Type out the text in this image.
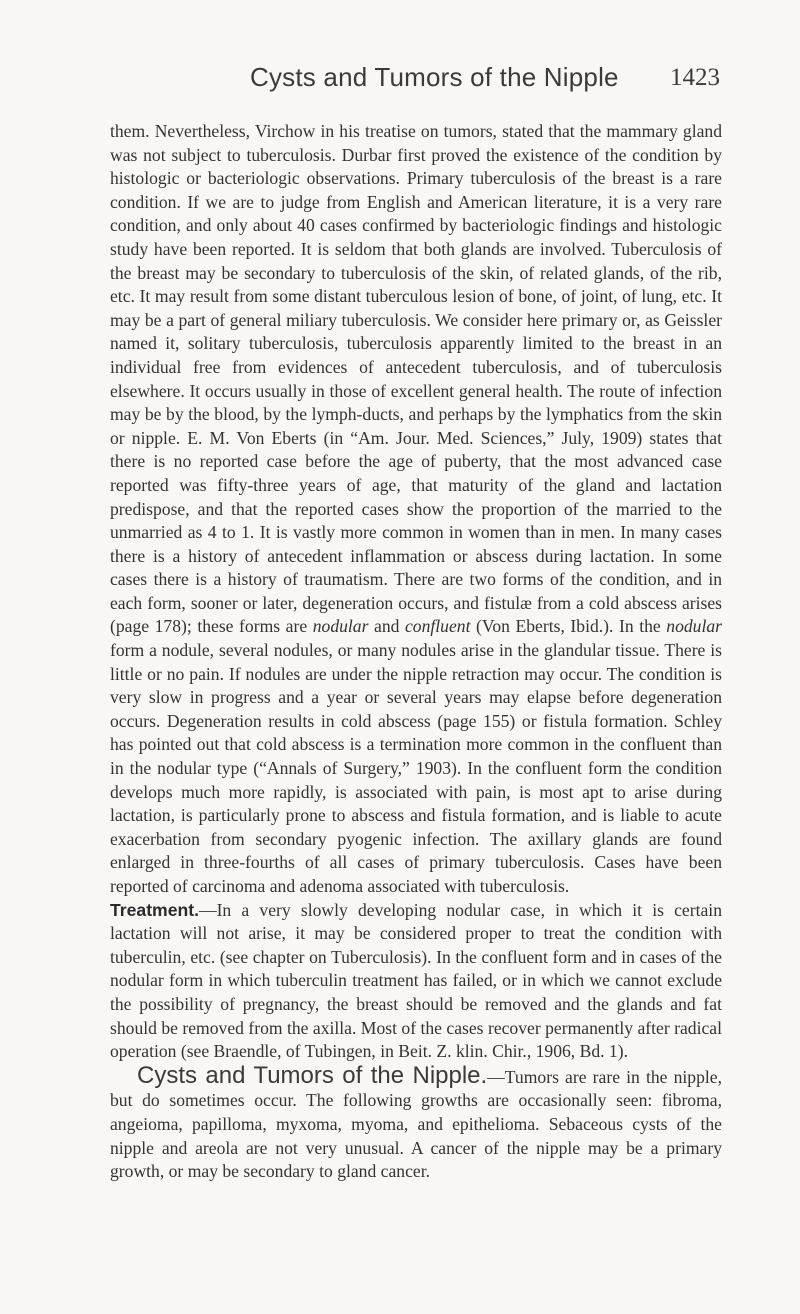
Cysts and Tumors of the Nipple 1423

them. Nevertheless, Virchow in his treatise on tumors, stated that the mammary gland was not subject to tuberculosis. Durbar first proved the existence of the condition by histologic or bacteriologic observations. Primary tuberculosis of the breast is a rare condition. If we are to judge from English and American literature, it is a very rare condition, and only about 40 cases confirmed by bacteriologic findings and histologic study have been reported. It is seldom that both glands are involved. Tuberculosis of the breast may be secondary to tuberculosis of the skin, of related glands, of the rib, etc. It may result from some distant tuberculous lesion of bone, of joint, of lung, etc. It may be a part of general miliary tuberculosis. We consider here primary or, as Geissler named it, solitary tuberculosis, tuberculosis apparently limited to the breast in an individual free from evidences of antecedent tuberculosis, and of tuberculosis elsewhere. It occurs usually in those of excellent general health. The route of infection may be by the blood, by the lymph-ducts, and perhaps by the lymphatics from the skin or nipple. E. M. Von Eberts (in “Am. Jour. Med. Sciences,” July, 1909) states that there is no reported case before the age of puberty, that the most advanced case reported was fifty-three years of age, that maturity of the gland and lactation predispose, and that the reported cases show the proportion of the married to the unmarried as 4 to 1. It is vastly more common in women than in men. In many cases there is a history of antecedent inflammation or abscess during lactation. In some cases there is a history of traumatism. There are two forms of the condition, and in each form, sooner or later, degeneration occurs, and fistulæ from a cold abscess arises (page 178); these forms are nodular and confluent (Von Eberts, Ibid.). In the nodular form a nodule, several nodules, or many nodules arise in the glandular tissue. There is little or no pain. If nodules are under the nipple retraction may occur. The condition is very slow in progress and a year or several years may elapse before degeneration occurs. Degeneration results in cold abscess (page 155) or fistula formation. Schley has pointed out that cold abscess is a termination more common in the confluent than in the nodular type (“Annals of Surgery,” 1903). In the confluent form the condition develops much more rapidly, is associated with pain, is most apt to arise during lactation, is particularly prone to abscess and fistula formation, and is liable to acute exacerbation from secondary pyogenic infection. The axillary glands are found enlarged in three-fourths of all cases of primary tuberculosis. Cases have been reported of carcinoma and adenoma associated with tuberculosis.

Treatment.—In a very slowly developing nodular case, in which it is certain lactation will not arise, it may be considered proper to treat the condition with tuberculin, etc. (see chapter on Tuberculosis). In the confluent form and in cases of the nodular form in which tuberculin treatment has failed, or in which we cannot exclude the possibility of pregnancy, the breast should be removed and the glands and fat should be removed from the axilla. Most of the cases recover permanently after radical operation (see Braendle, of Tubingen, in Beit. Z. klin. Chir., 1906, Bd. 1).

Cysts and Tumors of the Nipple.—Tumors are rare in the nipple, but do sometimes occur. The following growths are occasionally seen: fibroma, angeioma, papilloma, myxoma, myoma, and epithelioma. Sebaceous cysts of the nipple and areola are not very unusual. A cancer of the nipple may be a primary growth, or may be secondary to gland cancer.
